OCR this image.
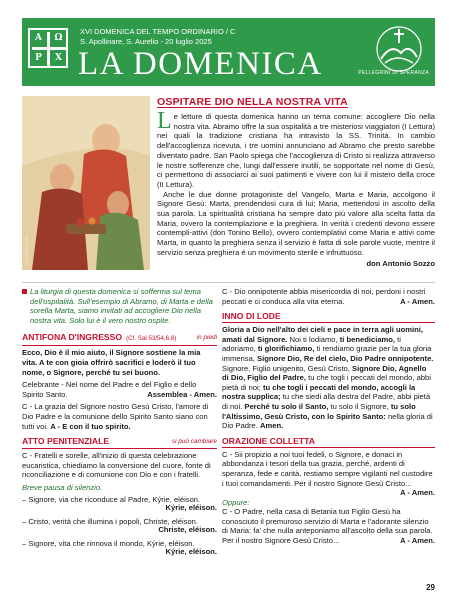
A	Ω
P	X
XVI DOMENICA DEL TEMPO ORDINARIO / C
S. Apollinare, S. Aurelio - 20 luglio 2025
LA DOMENICA	PELLEGRINI DI SPERANZA
G. TREVISANI
OSPITARE DIO NELLA NOSTRA VITA

Le letture di questa domenica hanno un tema comune: accogliere Dio nella nostra vita. Abramo offre la sua ospitalità a tre misteriosi viaggiatori (I Lettura) nei quali la tradizione cristiana ha intravisto la SS. Trinità. In cambio dell'accoglienza ricevuta, i tre uomini annunciano ad Abramo che presto sarebbe diventato padre. San Paolo spiega che l'accoglienza di Cristo si realizza attraverso le nostre sofferenze che, lungi dall'essere inutili, se sopportate nel nome di Gesù, ci permettono di associarci ai suoi patimenti e vivere con lui il mistero della croce (II Lettura).

Anche le due donne protagoniste del Vangelo, Marta e Maria, accolgono il Signore Gesù: Marta, prendendosi cura di lui; Maria, mettendosi in ascolto della sua parola. La spiritualità cristiana ha sempre dato più valore alla scelta fatta da Maria, ovvero la contemplazione e la preghiera. In verità i credenti devono essere contempli-attivi (don Tonino Bello), ovvero contemplativi come Maria e attivi come Marta, in quanto la preghiera senza il servizio è fatta di sole parole vuote, mentre il servizio senza preghiera è un movimento sterile e infruttuoso.
don Antonio Sozzo

La liturgia di questa domenica si sofferma sul tema dell'ospitalità. Sull'esempio di Abramo, di Marta e della sorella Marta, siamo invitati ad accogliere Dio nella nostra vita. Solo lui è il vero nostro ospite.
ANTIFONA D'INGRESSO (Cf. Sal 53/54,6.8)	in piedi
Ecco, Dio è il mio aiuto, il Signore sostiene la mia vita. A te con gioia offrirò sacrifici e loderò il tuo nome, o Signore, perché tu sei buono.
Celebrante - Nel nome del Padre e del Figlio e dello Spirito Santo.	Assemblea - Amen.
C - La grazia del Signore nostro Gesù Cristo, l'amore di Dio Padre e la comunione dello Spirito Santo siano con tutti voi. A - E con il tuo spirito.
ATTO PENITENZIALE	si può cambiare
C - Fratelli e sorelle, all'inizio di questa celebrazione eucaristica, chiediamo la conversione del cuore, fonte di riconciliazione e di comunione con Dio e con i fratelli.
Breve pausa di silenzio.
– Signore, via che riconduce al Padre, Kýrie, eléison.
Kýrie, eléison.
– Cristo, verità che illumina i popoli, Christe, eléison.
Christe, eléison.
– Signore, vita che rinnova il mondo, Kýrie, eléison.
Kýrie, eléison.
C - Dio onnipotente abbia misericordia di noi, perdoni i nostri peccati e ci conduca alla vita eterna.	A - Amen.
INNO DI LODE
Gloria a Dio nell'alto dei cieli e pace in terra agli uomini, amati dal Signore. Noi ti lodiamo, ti benediciamo, ti adoriamo, ti glorifichiamo, ti rendiamo grazie per la tua gloria immensa, Signore Dio, Re del cielo, Dio Padre onnipotente. Signore, Figlio unigenito, Gesù Cristo, Signore Dio, Agnello di Dio, Figlio del Padre, tu che togli i peccati del mondo, abbi pietà di noi; tu che togli i peccati del mondo, accogli la nostra supplica; tu che siedi alla destra del Padre, abbi pietà di noi. Perché tu solo il Santo, tu solo il Signore, tu solo l'Altissimo, Gesù Cristo, con lo Spirito Santo: nella gloria di Dio Padre. Amen.
ORAZIONE COLLETTA
C - Sii propizio a noi tuoi fedeli, o Signore, e donaci in abbondanza i tesori della tua grazia, perché, ardenti di speranza, fede e carità, restiamo sempre vigilanti nel custodire i tuoi comandamenti. Per il nostro Signore Gesù Cristo...
A - Amen.
Oppure:
C - O Padre, nella casa di Betania tuo Figlio Gesù ha conosciuto il premuroso servizio di Marta e l'adorante silenzio di Maria: fa' che nulla anteponiamo all'ascolto della sua parola. Per il nostro Signore Gesù Cristo...	A - Amen.
29
